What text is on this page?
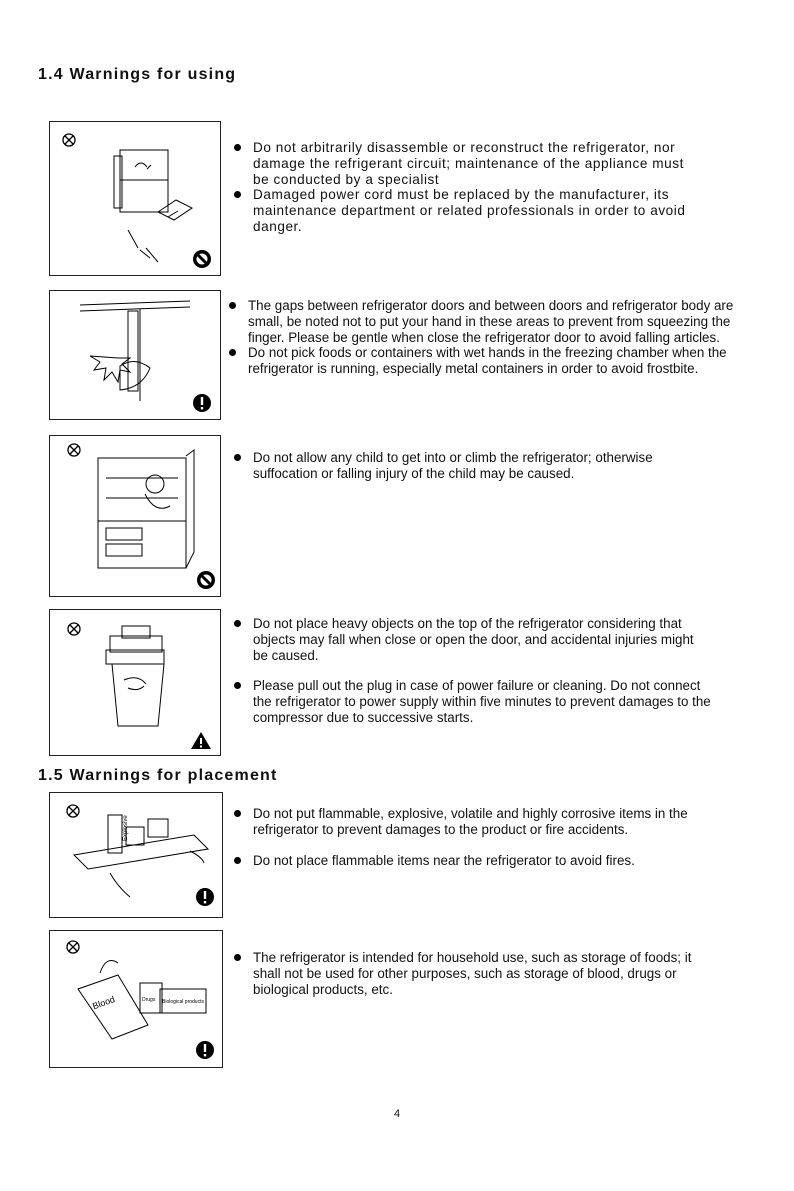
1.4 Warnings for using
Do not arbitrarily disassemble or reconstruct the refrigerator, nor damage the refrigerant circuit; maintenance of the appliance must be conducted by a specialist
Damaged power cord must be replaced by the manufacturer, its maintenance department or related professionals in order to avoid danger.
The gaps between refrigerator doors and between doors and refrigerator body are small, be noted not to put your hand in these areas to prevent from squeezing the finger. Please be gentle when close the refrigerator door to avoid falling articles.
Do not pick foods or containers with wet hands in the freezing chamber when the refrigerator is running, especially metal containers in order to avoid frostbite.
Do not allow any child to get into or climb the refrigerator; otherwise suffocation or falling injury of the child may be caused.
Do not place heavy objects on the top of the refrigerator considering that objects may fall when close or open the door, and accidental injuries might be caused.
Please pull out the plug in case of power failure or cleaning. Do not connect the refrigerator to power supply within five minutes to prevent damages to the compressor due to successive starts.
1.5 Warnings for placement
Explosive
Do not put flammable, explosive, volatile and highly corrosive items in the refrigerator to prevent damages to the product or fire accidents.
Do not place flammable items near the refrigerator to avoid fires.
Blood	Drugs Biological products
The refrigerator is intended for household use, such as storage of foods; it shall not be used for other purposes, such as storage of blood, drugs or biological products, etc.
4
